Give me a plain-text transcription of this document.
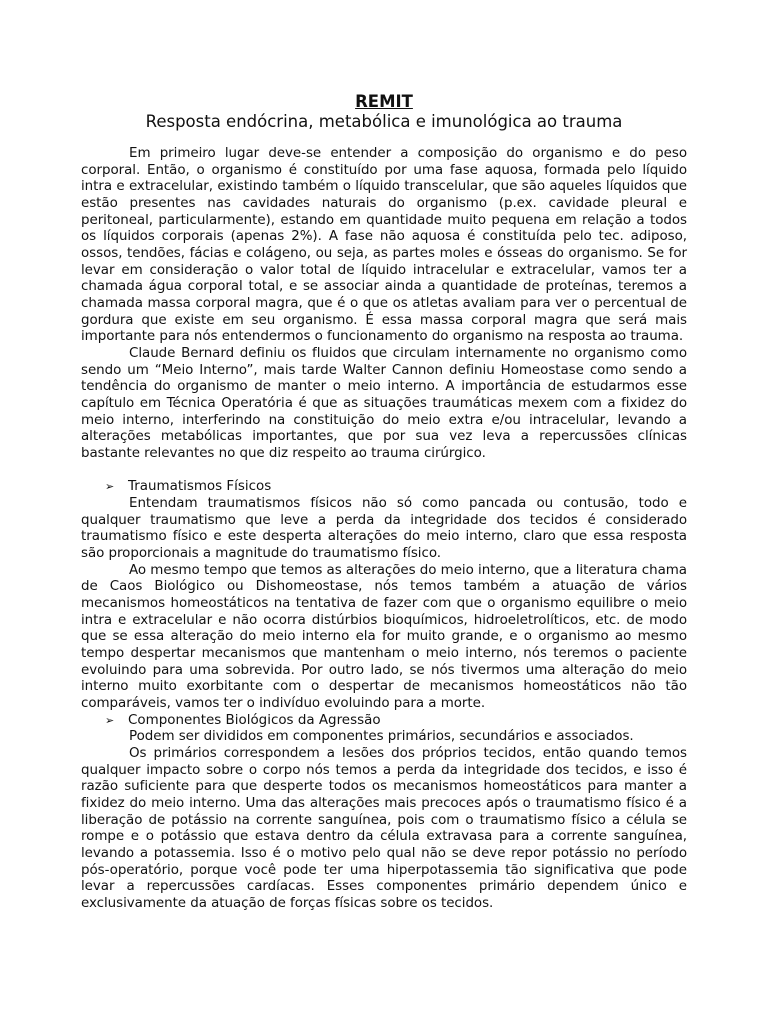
REMIT

Resposta endócrina, metabólica e imunológica ao trauma

Em primeiro lugar deve-se entender a composição do organismo e do peso corporal. Então, o organismo é constituído por uma fase aquosa, formada pelo líquido intra e extracelular, existindo também o líquido transcelular, que são aqueles líquidos que estão presentes nas cavidades naturais do organismo (p.ex. cavidade pleural e peritoneal, particularmente), estando em quantidade muito pequena em relação a todos os líquidos corporais (apenas 2%). A fase não aquosa é constituída pelo tec. adiposo, ossos, tendões, fácias e colágeno, ou seja, as partes moles e ósseas do organismo. Se for levar em consideração o valor total de líquido intracelular e extracelular, vamos ter a chamada água corporal total, e se associar ainda a quantidade de proteínas, teremos a chamada massa corporal magra, que é o que os atletas avaliam para ver o percentual de gordura que existe em seu organismo. É essa massa corporal magra que será mais importante para nós entendermos o funcionamento do organismo na resposta ao trauma.

Claude Bernard definiu os fluidos que circulam internamente no organismo como sendo um “Meio Interno”, mais tarde Walter Cannon definiu Homeostase como sendo a tendência do organismo de manter o meio interno. A importância de estudarmos esse capítulo em Técnica Operatória é que as situações traumáticas mexem com a fixidez do meio interno, interferindo na constituição do meio extra e/ou intracelular, levando a alterações metabólicas importantes, que por sua vez leva a repercussões clínicas bastante relevantes no que diz respeito ao trauma cirúrgico.

➢ Traumatismos Físicos

Entendam traumatismos físicos não só como pancada ou contusão, todo e qualquer traumatismo que leve a perda da integridade dos tecidos é considerado traumatismo físico e este desperta alterações do meio interno, claro que essa resposta são proporcionais a magnitude do traumatismo físico.

Ao mesmo tempo que temos as alterações do meio interno, que a literatura chama de Caos Biológico ou Dishomeostase, nós temos também a atuação de vários mecanismos homeostáticos na tentativa de fazer com que o organismo equilibre o meio intra e extracelular e não ocorra distúrbios bioquímicos, hidroeletrolíticos, etc. de modo que se essa alteração do meio interno ela for muito grande, e o organismo ao mesmo tempo despertar mecanismos que mantenham o meio interno, nós teremos o paciente evoluindo para uma sobrevida. Por outro lado, se nós tivermos uma alteração do meio interno muito exorbitante com o despertar de mecanismos homeostáticos não tão comparáveis, vamos ter o indivíduo evoluindo para a morte.

➢ Componentes Biológicos da Agressão

Podem ser divididos em componentes primários, secundários e associados.

Os primários correspondem a lesões dos próprios tecidos, então quando temos qualquer impacto sobre o corpo nós temos a perda da integridade dos tecidos, e isso é razão suficiente para que desperte todos os mecanismos homeostáticos para manter a fixidez do meio interno. Uma das alterações mais precoces após o traumatismo físico é a liberação de potássio na corrente sanguínea, pois com o traumatismo físico a célula se rompe e o potássio que estava dentro da célula extravasa para a corrente sanguínea, levando a potassemia. Isso é o motivo pelo qual não se deve repor potássio no período pós-operatório, porque você pode ter uma hiperpotassemia tão significativa que pode levar a repercussões cardíacas. Esses componentes primário dependem único e exclusivamente da atuação de forças físicas sobre os tecidos.
